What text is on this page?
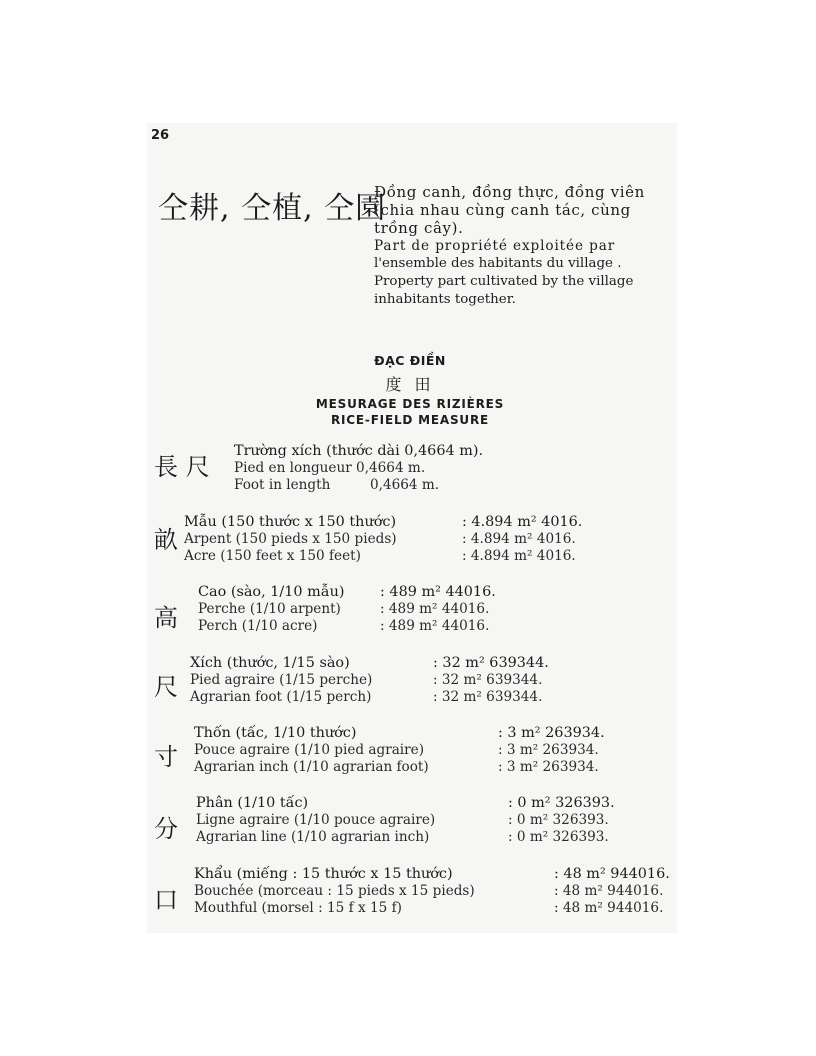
26
仝耕, 仝植, 仝園
Đồng canh, đồng thực, đồng viên
(chia nhau cùng canh tác, cùng
trồng cây).
Part de propriété exploitée par
l'ensemble des habitants du village .
Property part cultivated by the village
inhabitants together.
ĐẠC ĐIỀN
度 田
MESURAGE DES RIZIÈRES
RICE-FIELD MEASURE
長 尺
Trường xích (thước dài 0,4664 m).
Pied en longueur 0,4664 m.
Foot in length	0,4664 m.
畝
Mẫu (150 thước x 150 thước)	: 4.894 m² 4016.
Arpent (150 pieds x 150 pieds)	: 4.894 m² 4016.
Acre (150 feet x 150 feet)	: 4.894 m² 4016.
高
Cao (sào, 1/10 mẫu) : 489 m² 44016.
Perche (1/10 arpent)	: 489 m² 44016.
Perch (1/10 acre)	: 489 m² 44016.
尺
Xích (thước, 1/15 sào)	: 32 m² 639344.
Pied agraire (1/15 perche)	: 32 m² 639344.
Agrarian foot (1/15 perch)	: 32 m² 639344.
寸
Thốn (tấc, 1/10 thước)	: 3 m² 263934.
Pouce agraire (1/10 pied agraire)	: 3 m² 263934.
Agrarian inch (1/10 agrarian foot)	: 3 m² 263934.
分
Phân (1/10 tấc)	: 0 m² 326393.
Ligne agraire (1/10 pouce agraire)	: 0 m² 326393.
Agrarian line (1/10 agrarian inch)	: 0 m² 326393.
口
Khẩu (miếng : 15 thước x 15 thước)	: 48 m² 944016.
Bouchée (morceau : 15 pieds x 15 pieds)	: 48 m² 944016.
Mouthful (morsel : 15 f x 15 f)	: 48 m² 944016.
